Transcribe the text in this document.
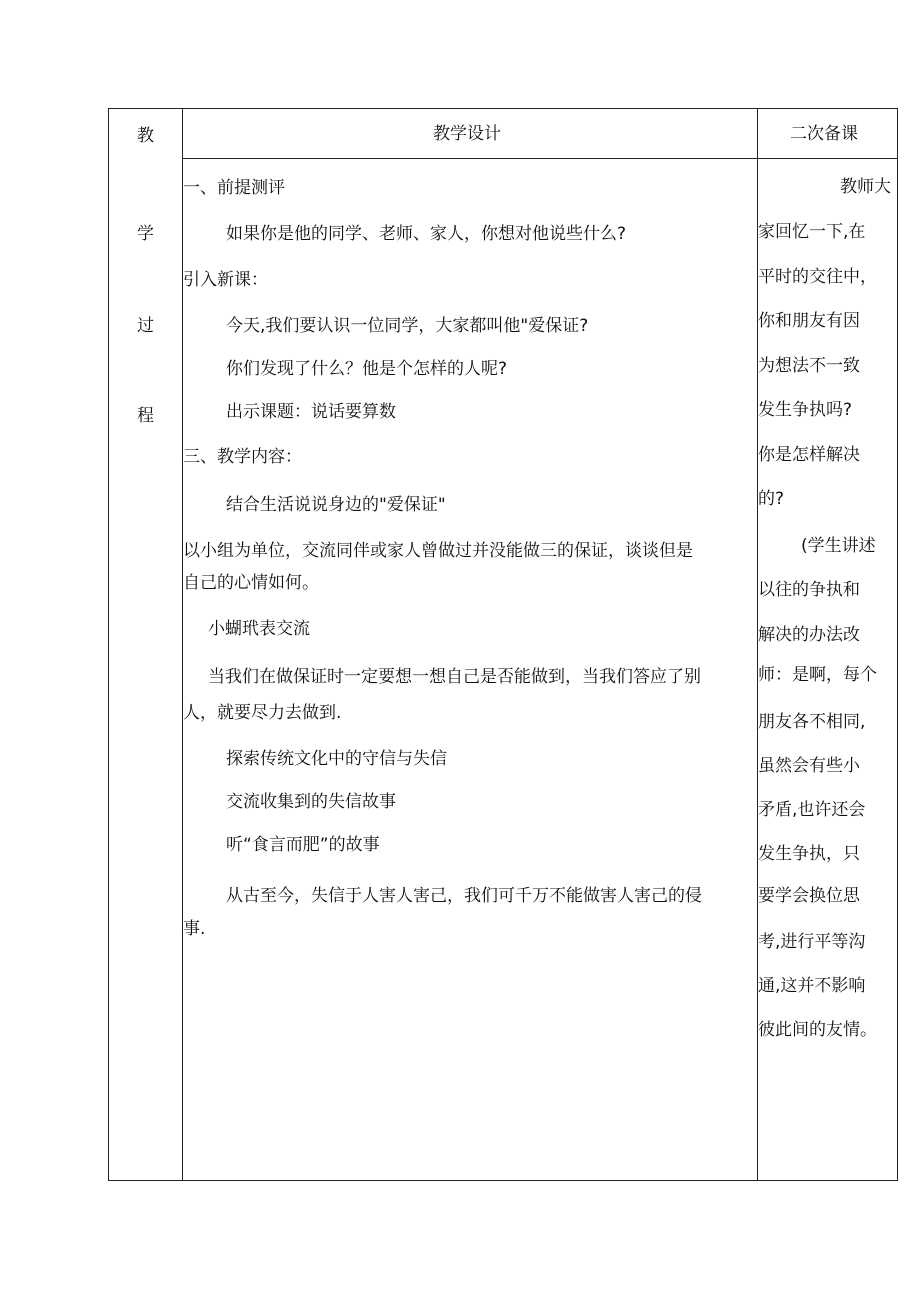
教
学
过
程
教学设计	二次备课
一、前提测评
如果你是他的同学、老师、家人，你想对他说些什么?
引入新课：
今天,我们要认识一位同学，大家都叫他"爱保证?
你们发现了什么？他是个怎样的人呢?
出示课题：说话要算数
三、教学内容：
结合生活说说身边的"爱保证"
以小组为单位，交流同伴或家人曾做过并没能做三的保证，谈谈但是
自己的心情如何。
小蝴玳表交流
当我们在做保证时一定要想一想自己是否能做到，当我们答应了别
人，就要尽力去做到.
探索传统文化中的守信与失信
交流收集到的失信故事
听“食言而肥”的故事
从古至今，失信于人害人害己，我们可千万不能做害人害己的侵
事.
教师大
家回忆一下,在
平时的交往中，
你和朋友有因
为想法不一致
发生争执吗?
你是怎样解决
的?
(学生讲述
以往的争执和
解决的办法改
师：是啊，每个
朋友各不相同,
虽然会有些小
矛盾,也许还会
发生争执，只
要学会换位思
考,进行平等沟
通,这并不影响
彼此间的友情。
